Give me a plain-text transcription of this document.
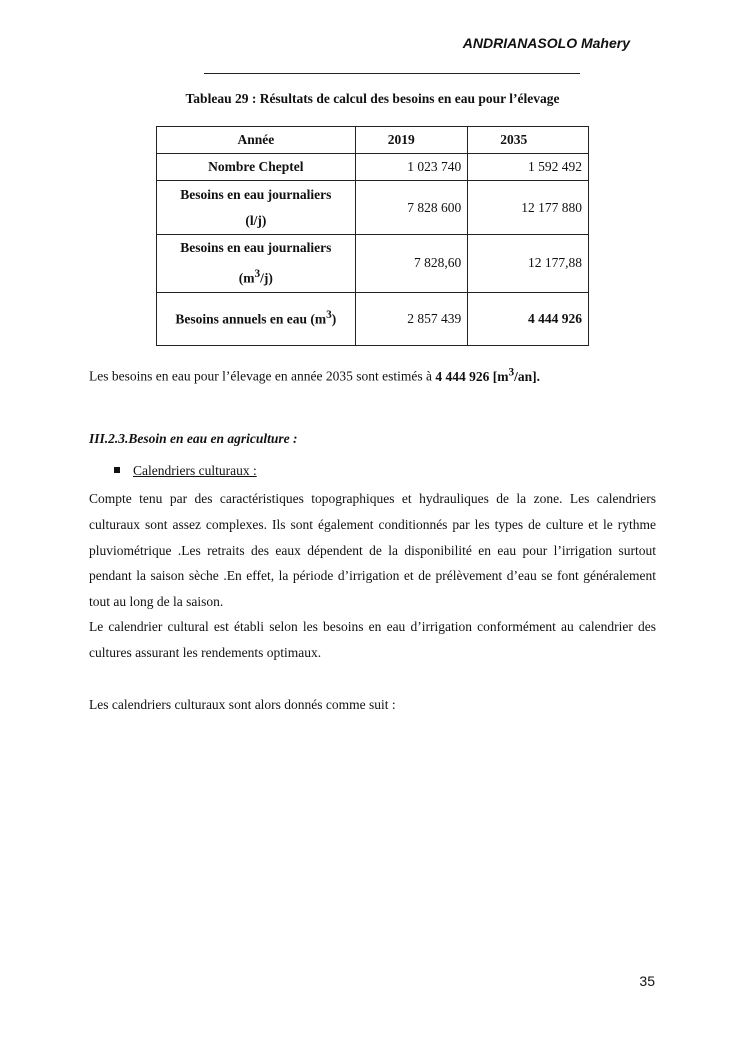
ANDRIANASOLO Mahery
Tableau 29 : Résultats de calcul des besoins en eau pour l’élevage
Année	2019	2035
Nombre Cheptel	1 023 740	1 592 492

Besoins en eau journaliers
(l/j)	7 828 600	12 177 880

Besoins en eau journaliers
$(m^3/j)$	7 828,60	12 177,88
Besoins annuels en eau $(m^3)$	2 857 439	4 444 926
Les besoins en eau pour l’élevage en année 2035 sont estimés à 4 444 926 $[m^3/an]$.
III.2.3.Besoin en eau en agriculture :
Calendriers culturaux :

Compte tenu par des caractéristiques topographiques et hydrauliques de la zone. Les calendriers culturaux sont assez complexes. Ils sont également conditionnés par les types de culture et le rythme pluviométrique .Les retraits des eaux dépendent de la disponibilité en eau pour l’irrigation surtout pendant la saison sèche .En effet, la période d’irrigation et de prélèvement d’eau se font généralement tout au long de la saison.

Le calendrier cultural est établi selon les besoins en eau d’irrigation conformément au calendrier des cultures assurant les rendements optimaux.

Les calendriers culturaux sont alors donnés comme suit :

35
